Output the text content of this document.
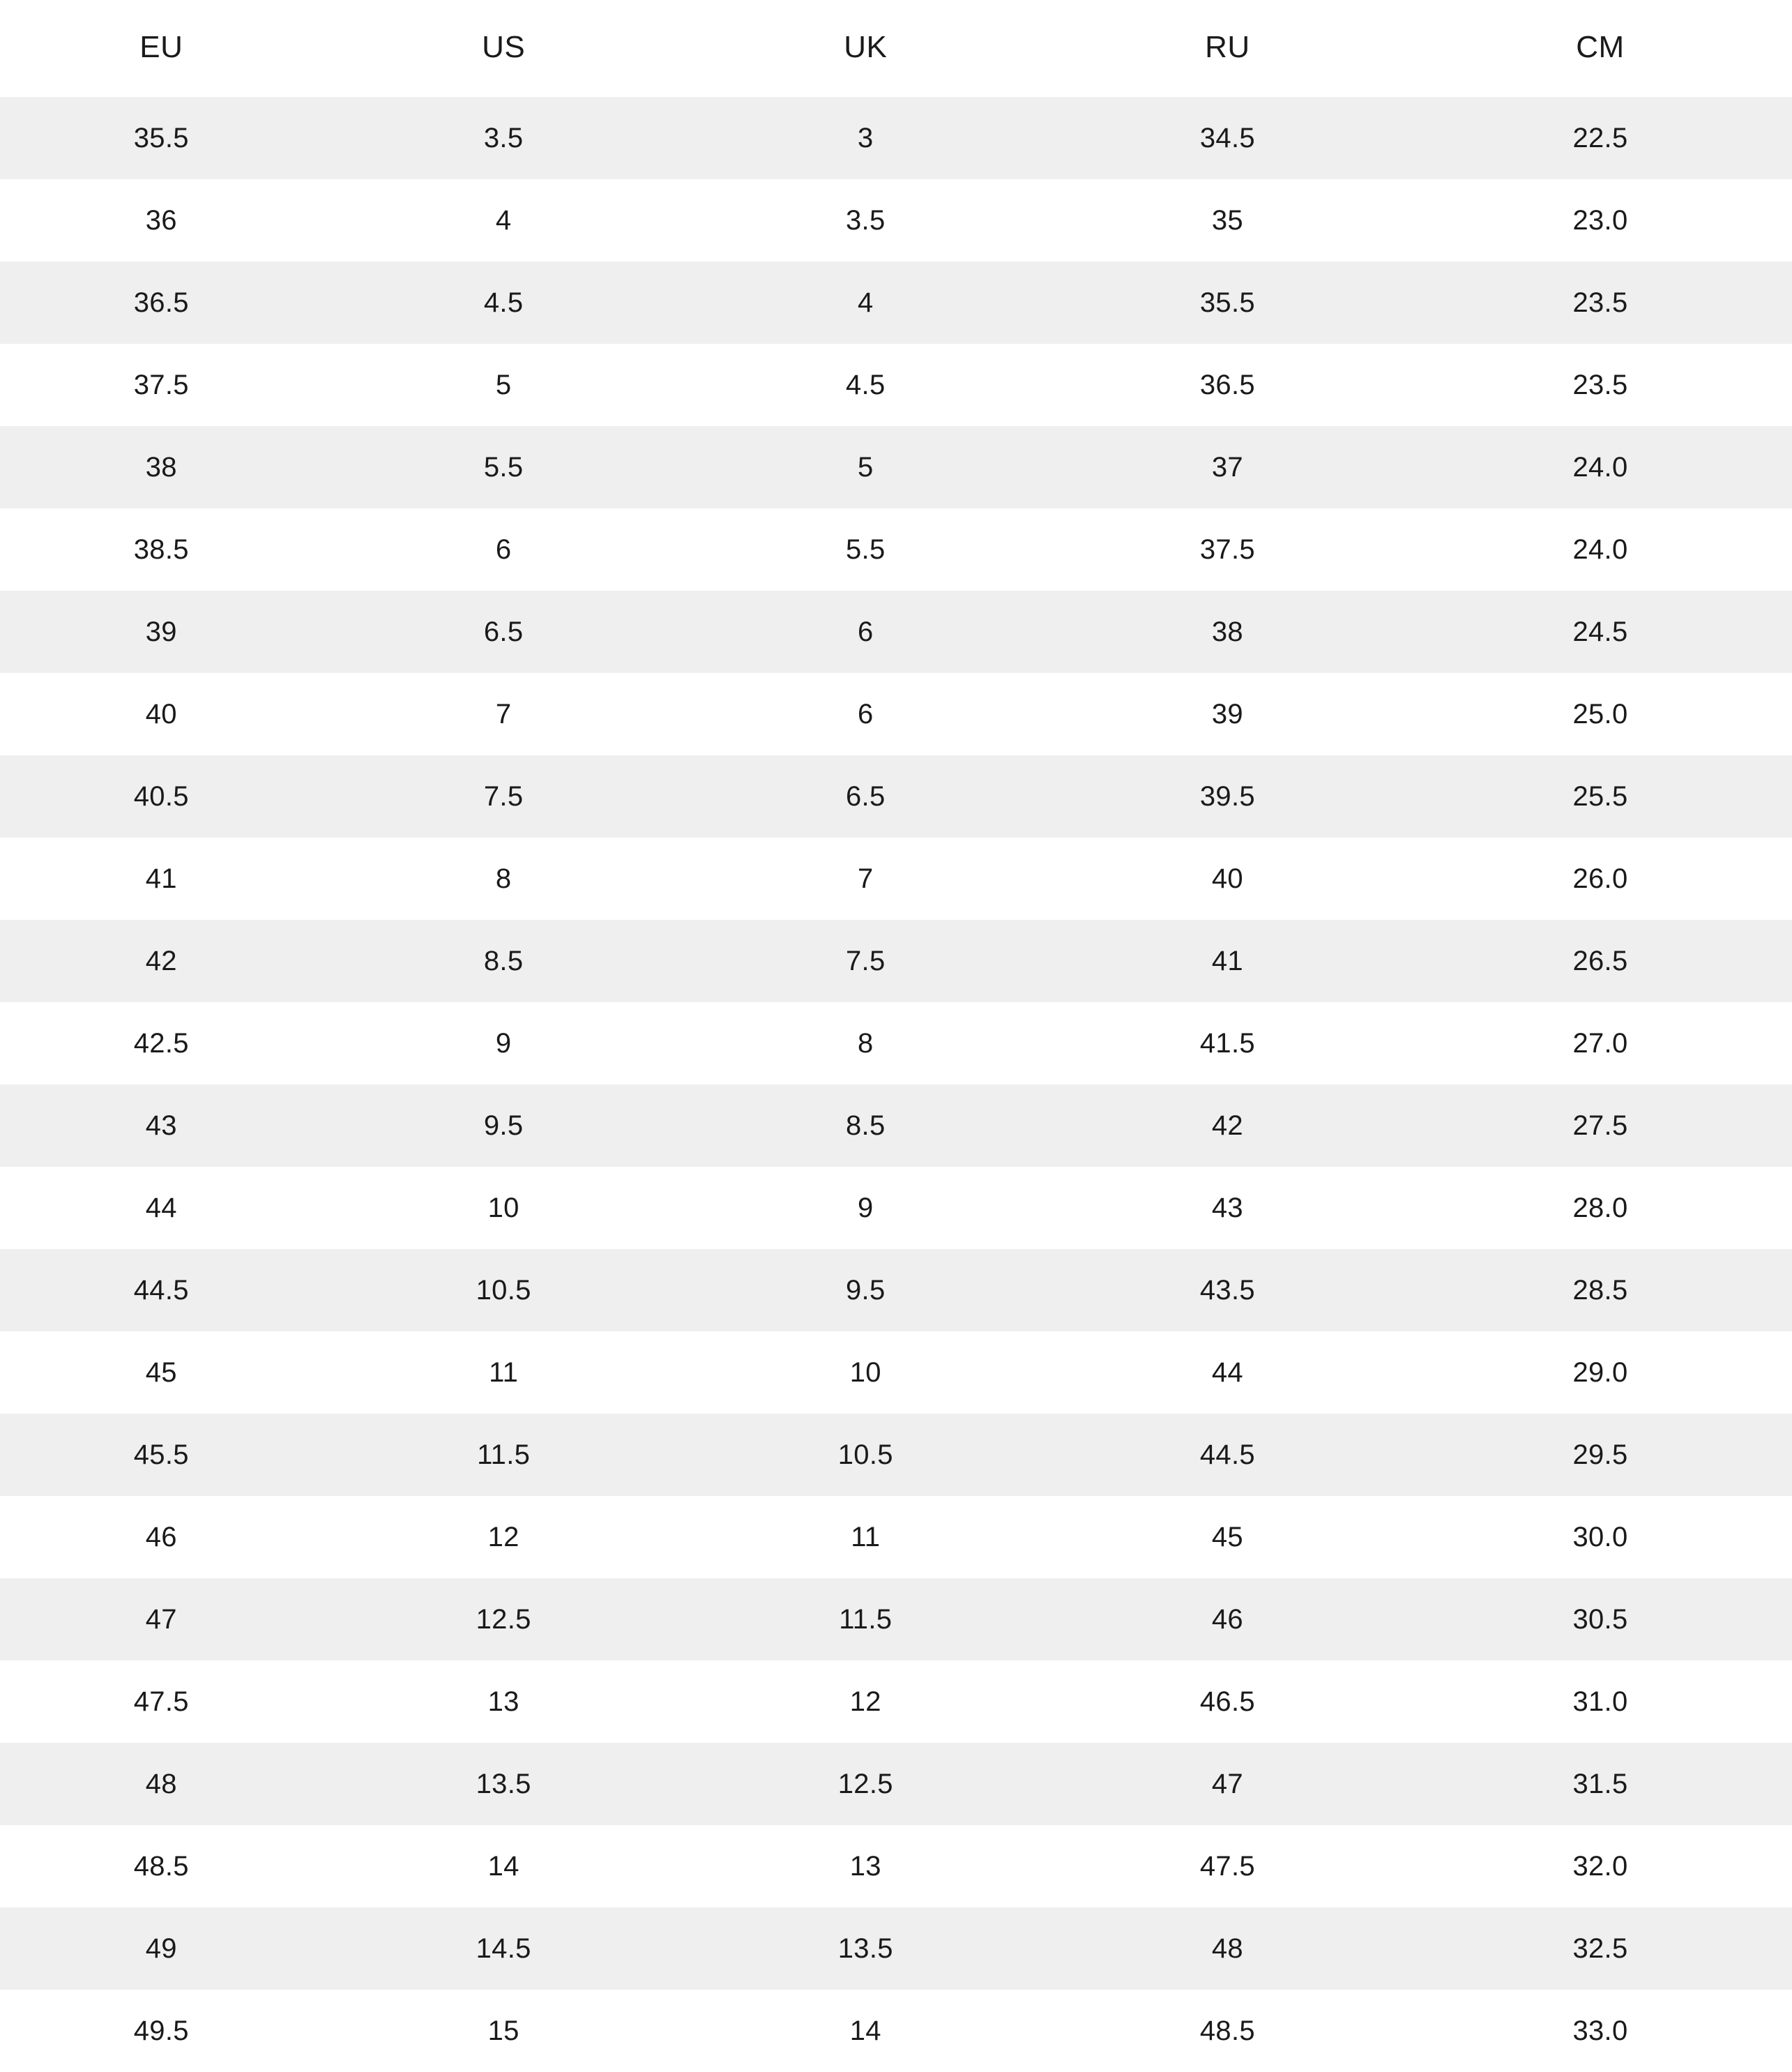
EU	US	UK	RU	CM
35.5	3.5	3	34.5	22.5
36	4	3.5	35	23.0
36.5	4.5	4	35.5	23.5
37.5	5	4.5	36.5	23.5
38	5.5	5	37	24.0
38.5	6	5.5	37.5	24.0
39	6.5	6	38	24.5
40	7	6	39	25.0
40.5	7.5	6.5	39.5	25.5
41	8	7	40	26.0
42	8.5	7.5	41	26.5
42.5	9	8	41.5	27.0
43	9.5	8.5	42	27.5
44	10	9	43	28.0
44.5	10.5	9.5	43.5	28.5
45	11	10	44	29.0
45.5	11.5	10.5	44.5	29.5
46	12	11	45	30.0
47	12.5	11.5	46	30.5
47.5	13	12	46.5	31.0
48	13.5	12.5	47	31.5
48.5	14	13	47.5	32.0
49	14.5	13.5	48	32.5
49.5	15	14	48.5	33.0
